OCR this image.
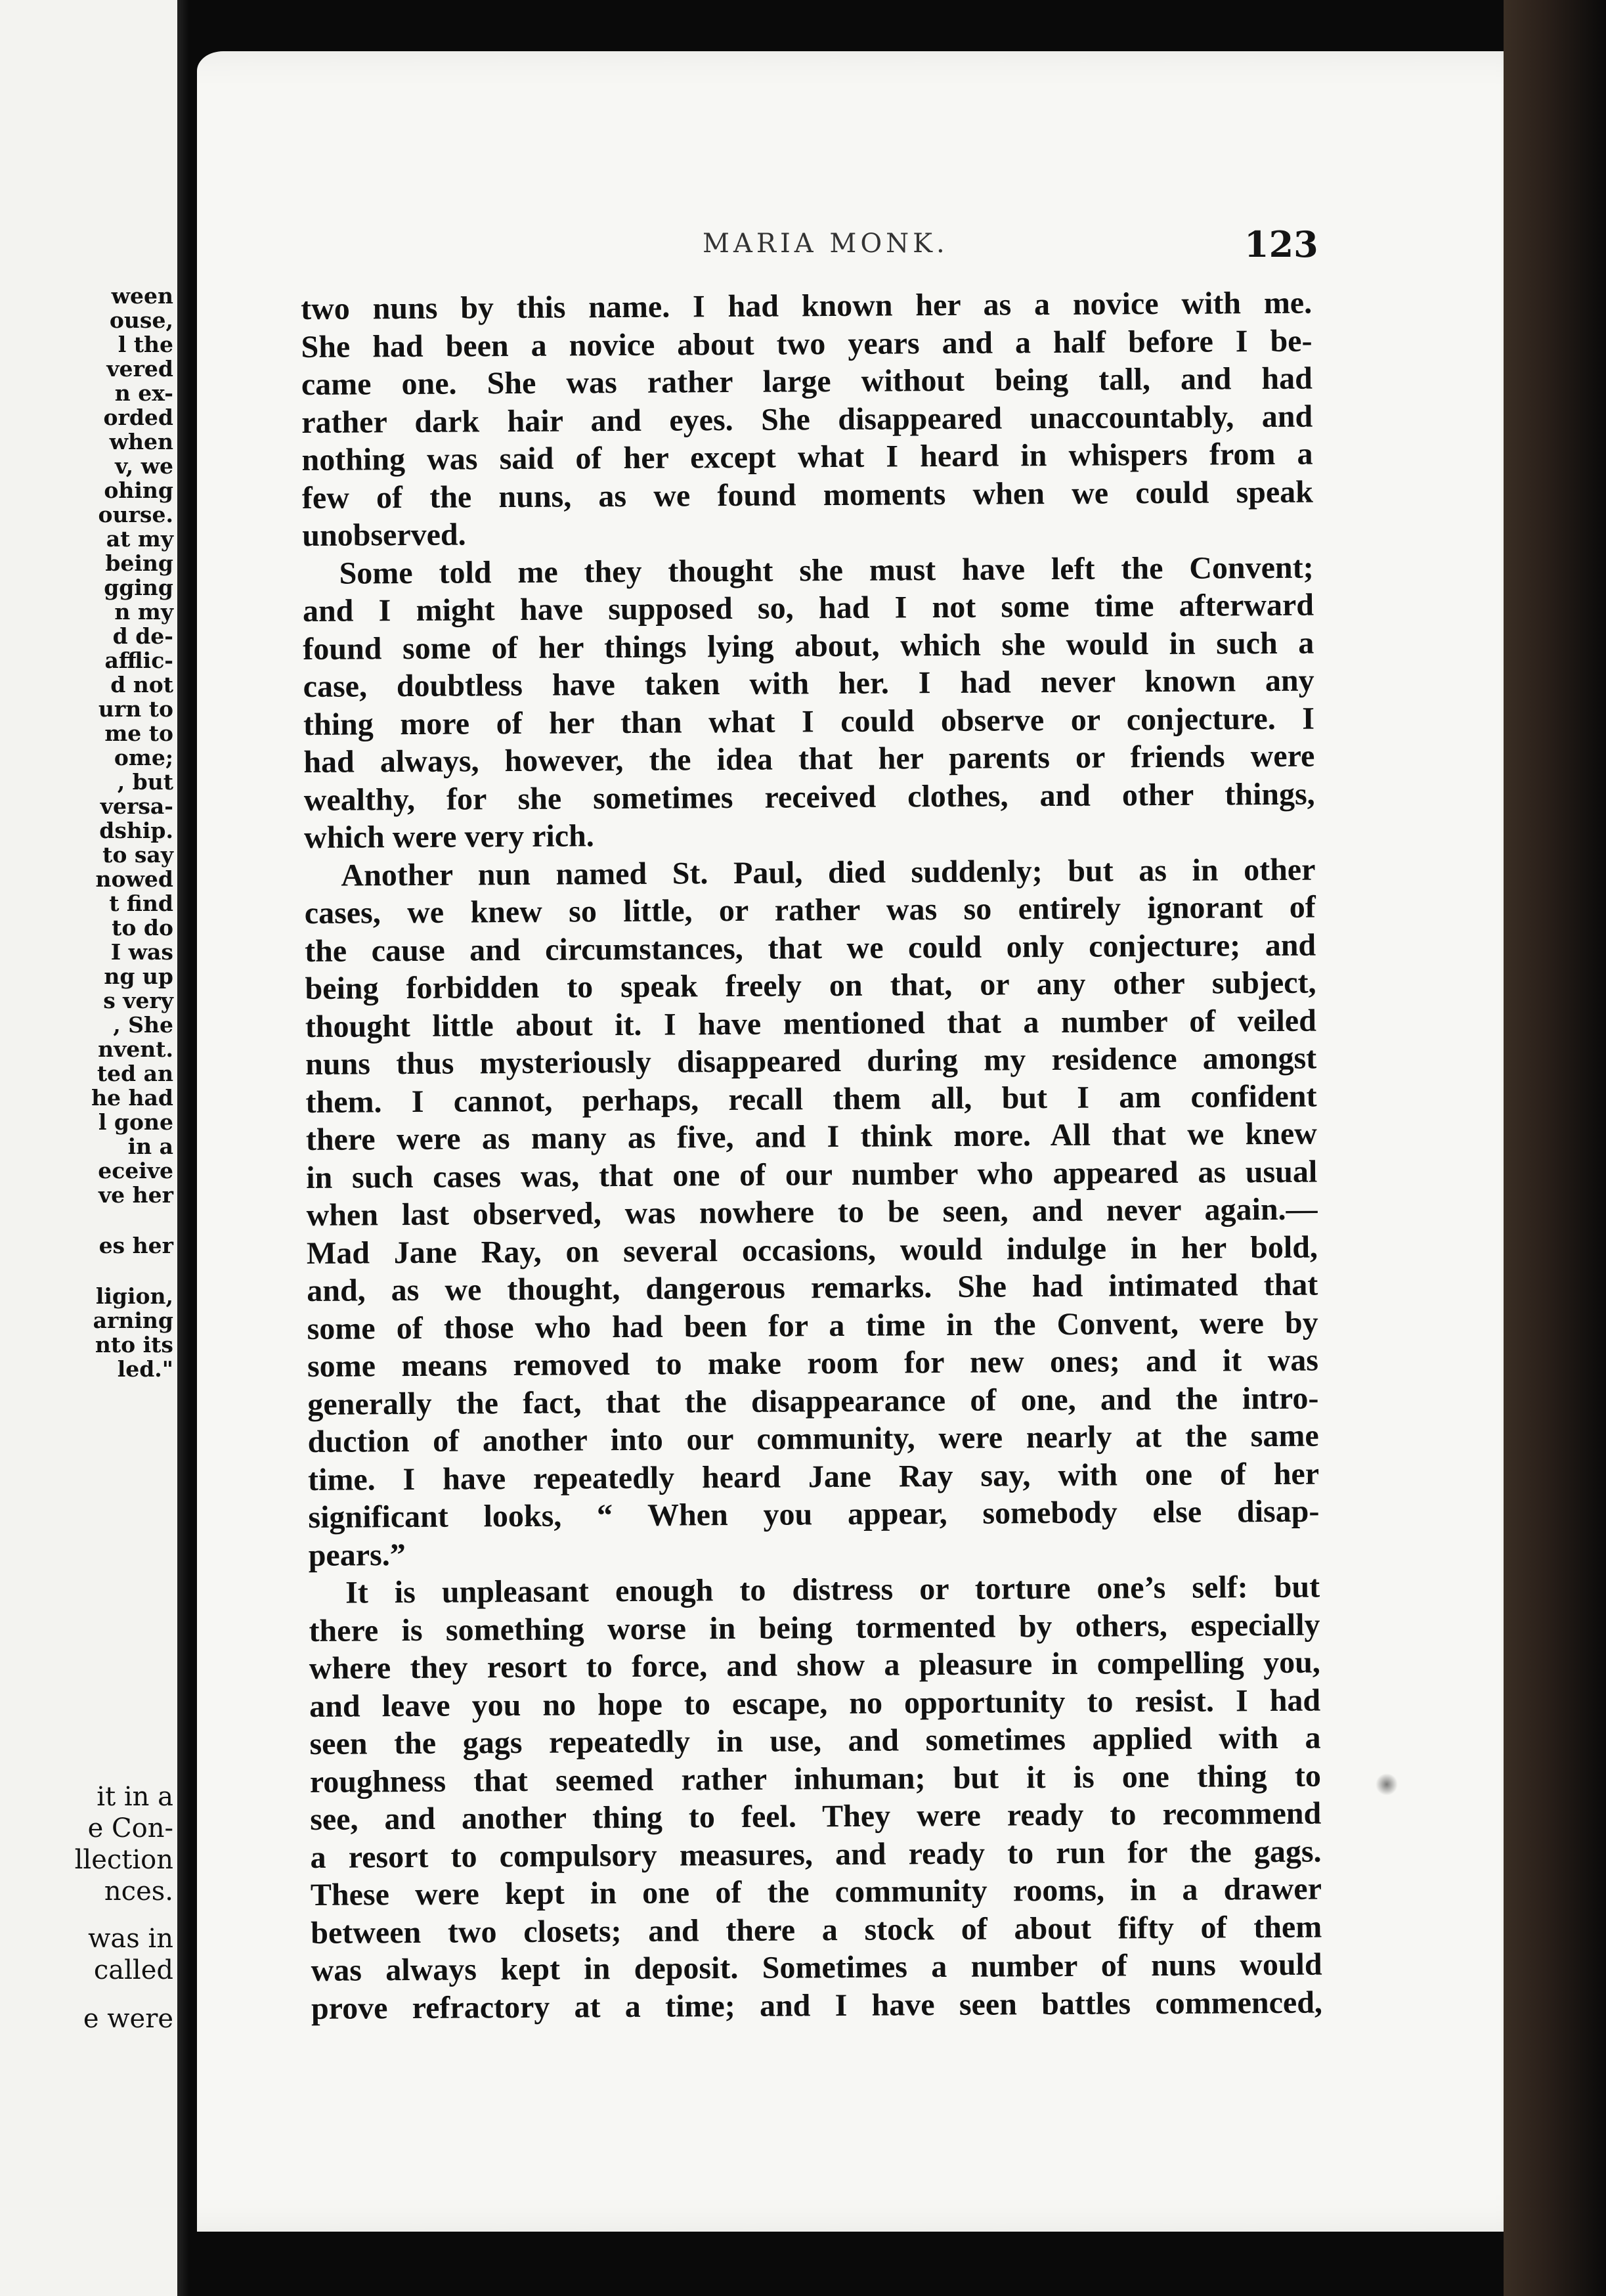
ween
ouse,
l the
vered
n ex-
orded
when
v, we
ohing
ourse.
at my
being
gging
n my
d de-
afflic-
d not
urn to
me to
ome;
, but
versa-
dship.
to say
nowed
t find
to do
I was
ng up
s very
, She
nvent.
ted an
he had
l gone
in a
eceive
ve her
es her
ligion,
arning
nto its
led."
it in a
e Con-
llection
nces.
was in
called
e were
MARIA MONK.	123
two nuns by this name. I had known her as a novice with me.
She had been a novice about two years and a half before I be-
came one. She was rather large without being tall, and had
rather dark hair and eyes. She disappeared unaccountably, and
nothing was said of her except what I heard in whispers from a
few of the nuns, as we found moments when we could speak
unobserved.
Some told me they thought she must have left the Convent;
and I might have supposed so, had I not some time afterward
found some of her things lying about, which she would in such a
case, doubtless have taken with her. I had never known any
thing more of her than what I could observe or conjecture. I
had always, however, the idea that her parents or friends were
wealthy, for she sometimes received clothes, and other things,
which were very rich.
Another nun named St. Paul, died suddenly; but as in other
cases, we knew so little, or rather was so entirely ignorant of
the cause and circumstances, that we could only conjecture; and
being forbidden to speak freely on that, or any other subject,
thought little about it. I have mentioned that a number of veiled
nuns thus mysteriously disappeared during my residence amongst
them. I cannot, perhaps, recall them all, but I am confident
there were as many as five, and I think more. All that we knew
in such cases was, that one of our number who appeared as usual
when last observed, was nowhere to be seen, and never again.—
Mad Jane Ray, on several occasions, would indulge in her bold,
and, as we thought, dangerous remarks. She had intimated that
some of those who had been for a time in the Convent, were by
some means removed to make room for new ones; and it was
generally the fact, that the disappearance of one, and the intro-
duction of another into our community, were nearly at the same
time. I have repeatedly heard Jane Ray say, with one of her
significant looks, “ When you appear, somebody else disap-
pears.”
It is unpleasant enough to distress or torture one’s self: but
there is something worse in being tormented by others, especially
where they resort to force, and show a pleasure in compelling you,
and leave you no hope to escape, no opportunity to resist. I had
seen the gags repeatedly in use, and sometimes applied with a
roughness that seemed rather inhuman; but it is one thing to
see, and another thing to feel. They were ready to recommend
a resort to compulsory measures, and ready to run for the gags.
These were kept in one of the community rooms, in a drawer
between two closets; and there a stock of about fifty of them
was always kept in deposit. Sometimes a number of nuns would
prove refractory at a time; and I have seen battles commenced,
